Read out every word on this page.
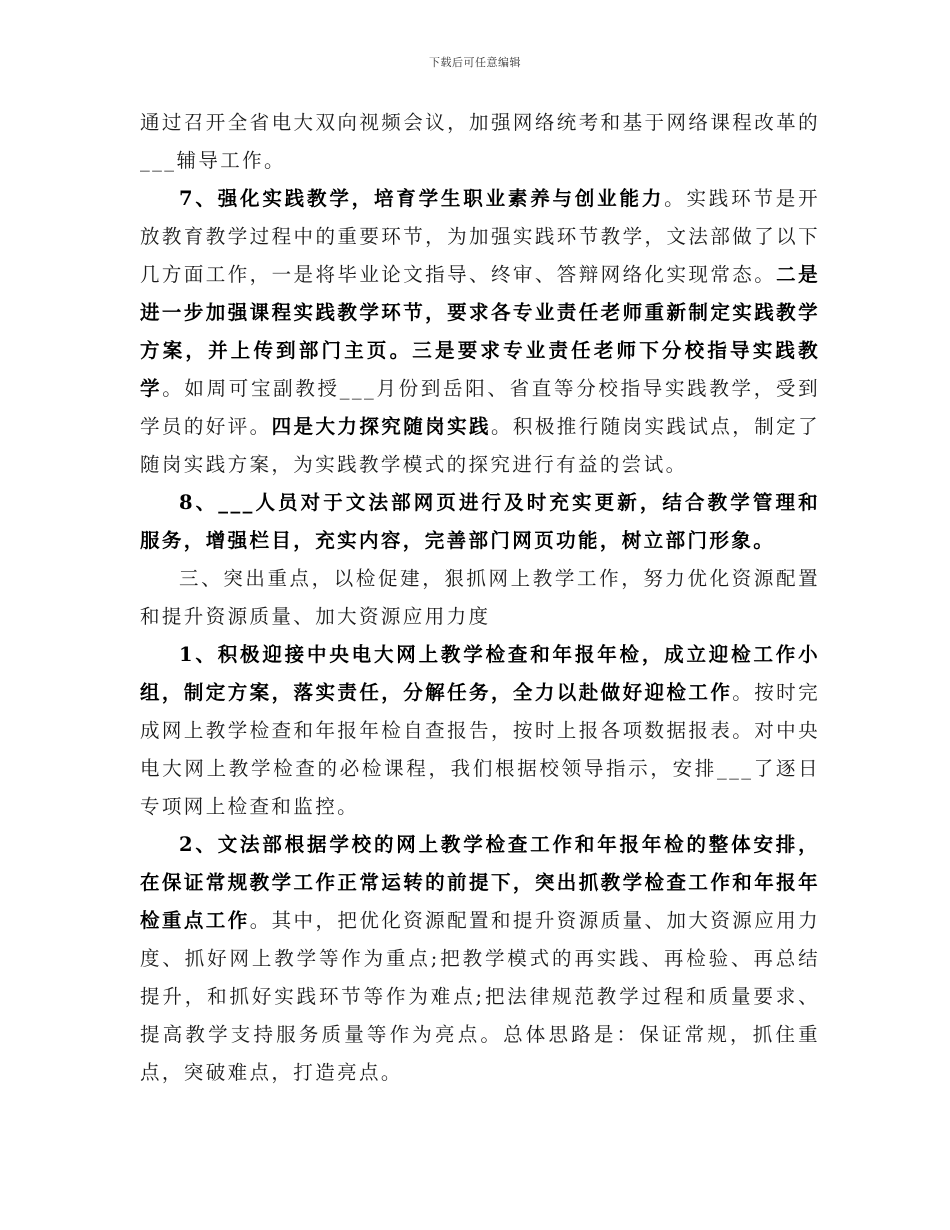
下载后可任意编辑

通过召开全省电大双向视频会议，加强网络统考和基于网络课程改革的___辅导工作。

7、强化实践教学，培育学生职业素养与创业能力。实践环节是开放教育教学过程中的重要环节，为加强实践环节教学，文法部做了以下几方面工作，一是将毕业论文指导、终审、答辩网络化实现常态。二是进一步加强课程实践教学环节，要求各专业责任老师重新制定实践教学方案，并上传到部门主页。三是要求专业责任老师下分校指导实践教学。如周可宝副教授___月份到岳阳、省直等分校指导实践教学，受到学员的好评。四是大力探究随岗实践。积极推行随岗实践试点，制定了随岗实践方案，为实践教学模式的探究进行有益的尝试。

8、___人员对于文法部网页进行及时充实更新，结合教学管理和服务，增强栏目，充实内容，完善部门网页功能，树立部门形象。

三、突出重点，以检促建，狠抓网上教学工作，努力优化资源配置和提升资源质量、加大资源应用力度

1、积极迎接中央电大网上教学检查和年报年检，成立迎检工作小组，制定方案，落实责任，分解任务，全力以赴做好迎检工作。按时完成网上教学检查和年报年检自查报告，按时上报各项数据报表。对中央电大网上教学检查的必检课程，我们根据校领导指示，安排___了逐日专项网上检查和监控。

2、文法部根据学校的网上教学检查工作和年报年检的整体安排，在保证常规教学工作正常运转的前提下，突出抓教学检查工作和年报年检重点工作。其中，把优化资源配置和提升资源质量、加大资源应用力度、抓好网上教学等作为重点;把教学模式的再实践、再检验、再总结提升，和抓好实践环节等作为难点;把法律规范教学过程和质量要求、提高教学支持服务质量等作为亮点。总体思路是：保证常规，抓住重点，突破难点，打造亮点。
